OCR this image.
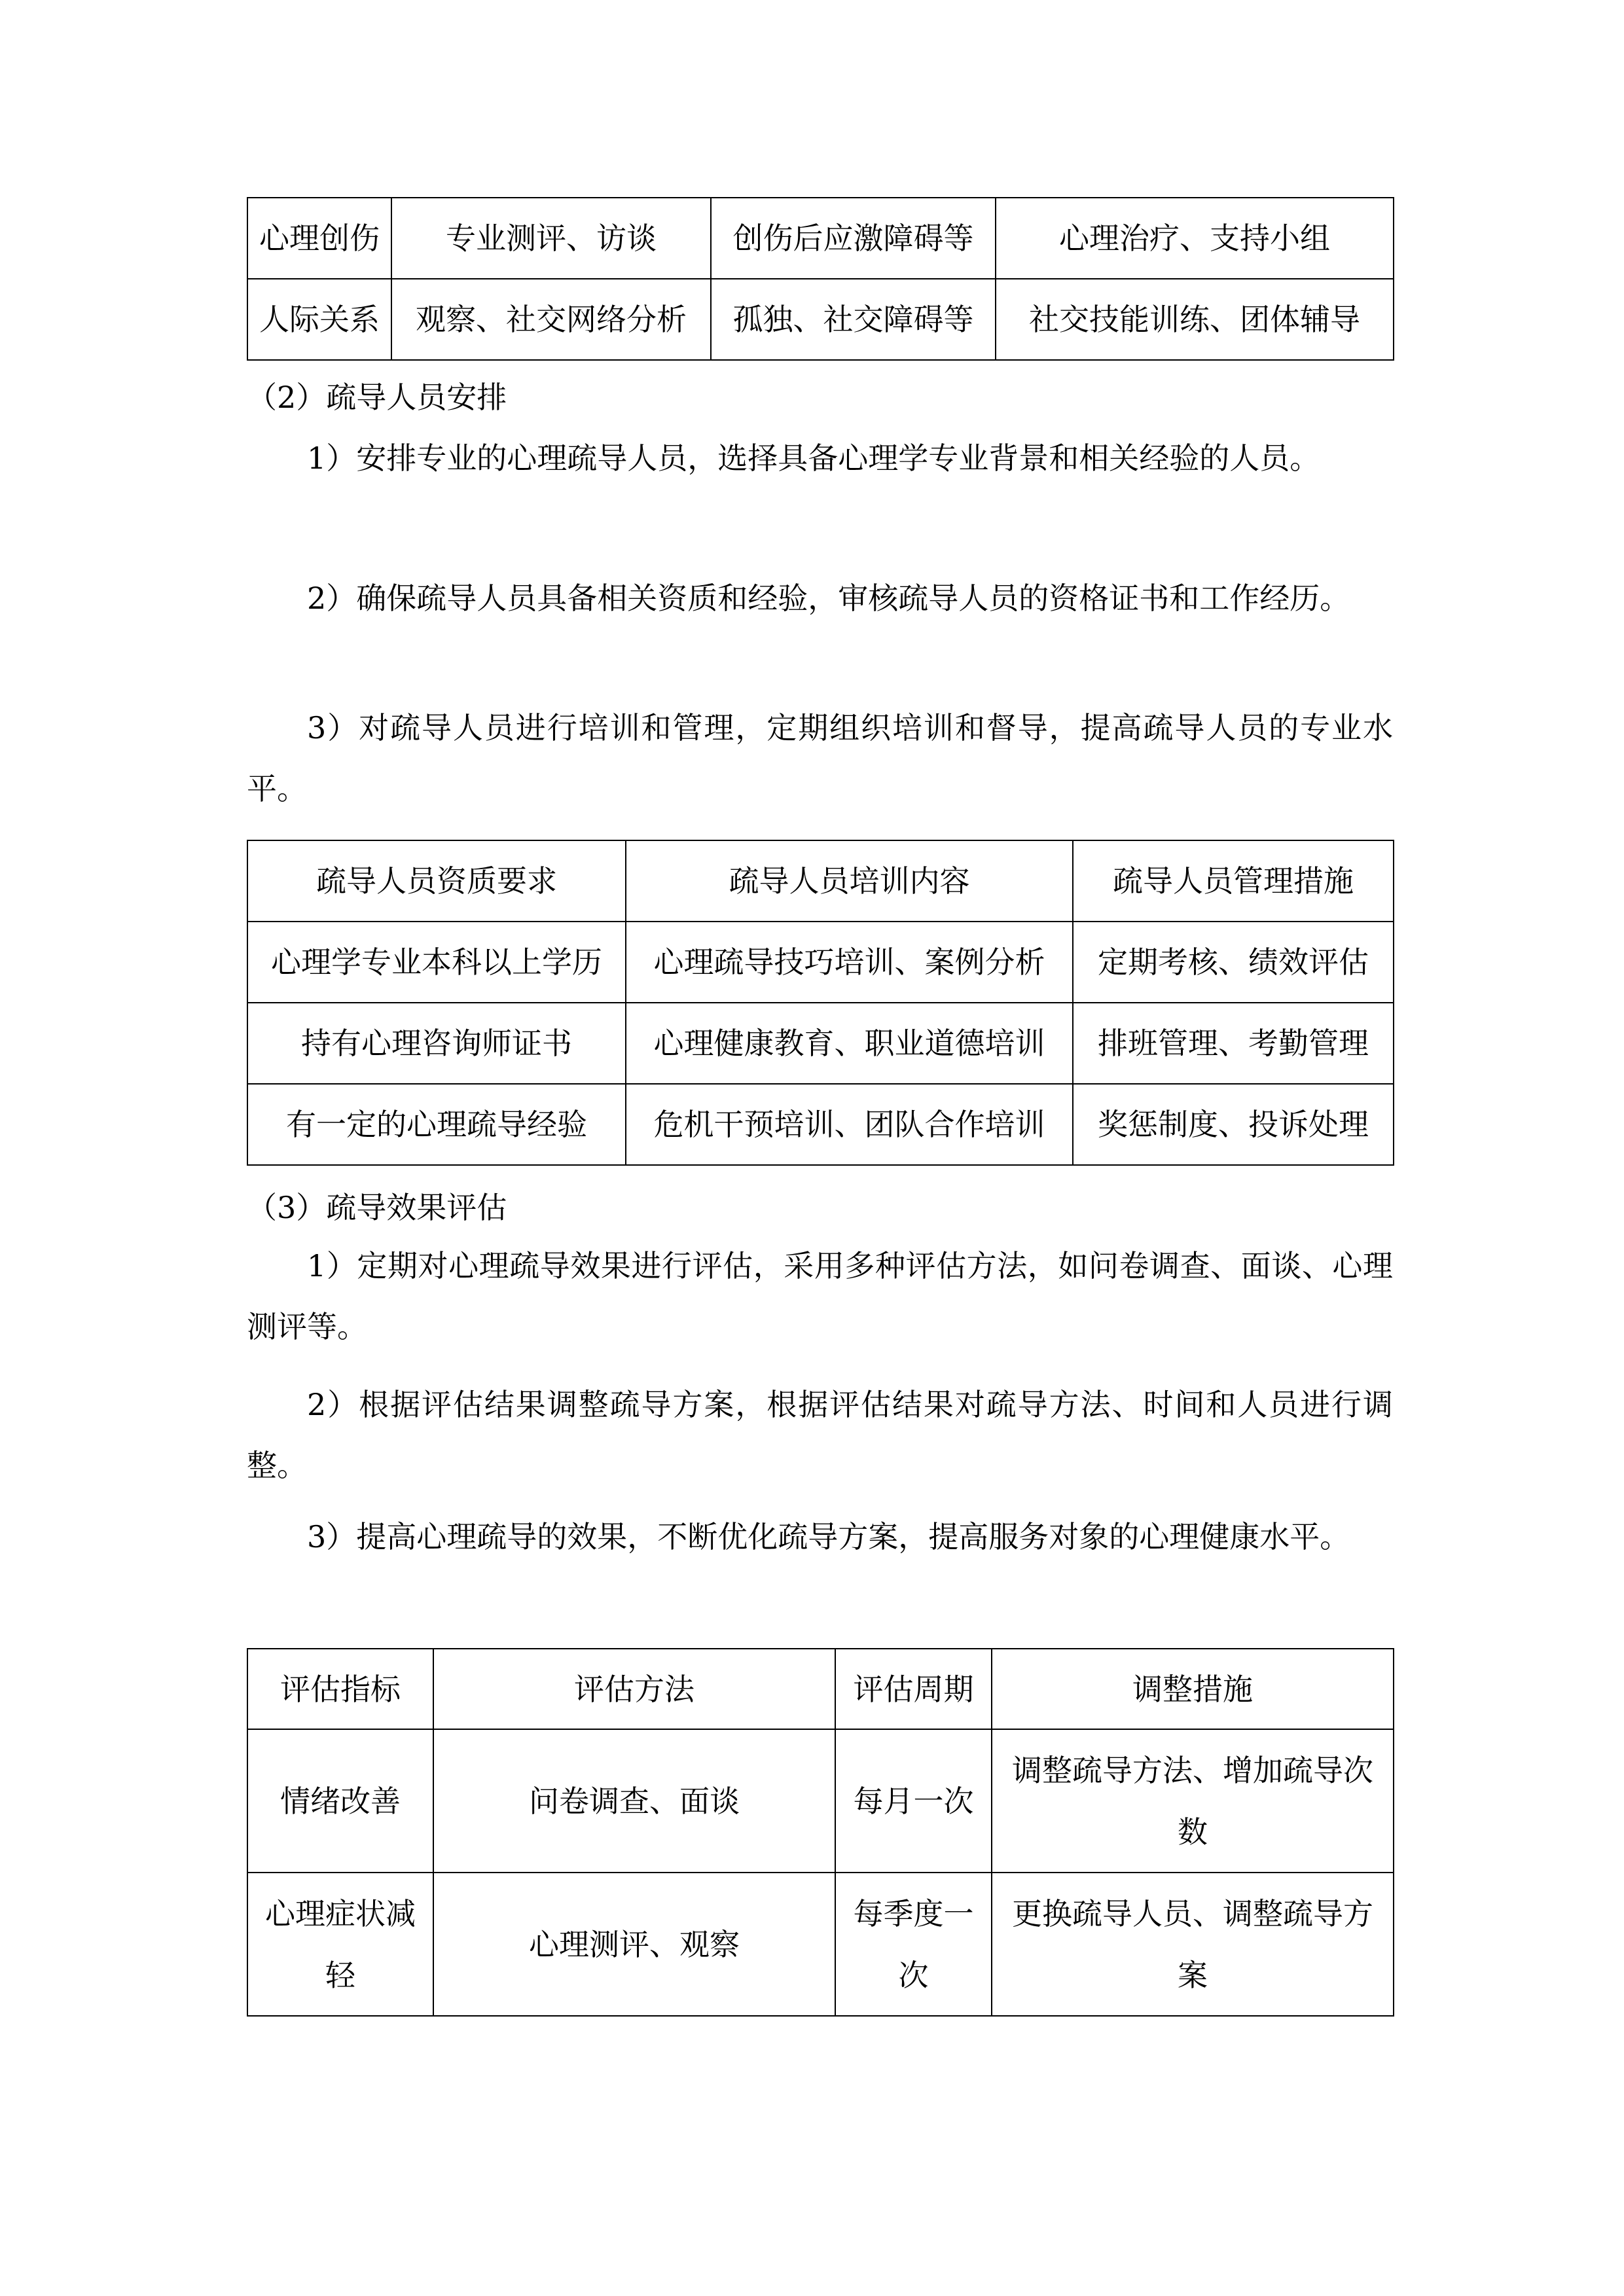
心理创伤	专业测评、访谈	创伤后应激障碍等	心理治疗、支持小组
人际关系	观察、社交网络分析	孤独、社交障碍等	社交技能训练、团体辅导

（2）疏导人员安排

1）安排专业的心理疏导人员，选择具备心理学专业背景和相关经验的人员。

2）确保疏导人员具备相关资质和经验，审核疏导人员的资格证书和工作经历。

3）对疏导人员进行培训和管理，定期组织培训和督导，提高疏导人员的专业水平。

疏导人员资质要求	疏导人员培训内容	疏导人员管理措施
心理学专业本科以上学历	心理疏导技巧培训、案例分析	定期考核、绩效评估
持有心理咨询师证书	心理健康教育、职业道德培训	排班管理、考勤管理
有一定的心理疏导经验	危机干预培训、团队合作培训	奖惩制度、投诉处理

（3）疏导效果评估

1）定期对心理疏导效果进行评估，采用多种评估方法，如问卷调查、面谈、心理测评等。

2）根据评估结果调整疏导方案，根据评估结果对疏导方法、时间和人员进行调整。

3）提高心理疏导的效果，不断优化疏导方案，提高服务对象的心理健康水平。

评估指标	评估方法	评估周期	调整措施
情绪改善	问卷调查、面谈	每月一次	调整疏导方法、增加疏导次数
心理症状减轻	心理测评、观察	每季度一次	更换疏导人员、调整疏导方案
